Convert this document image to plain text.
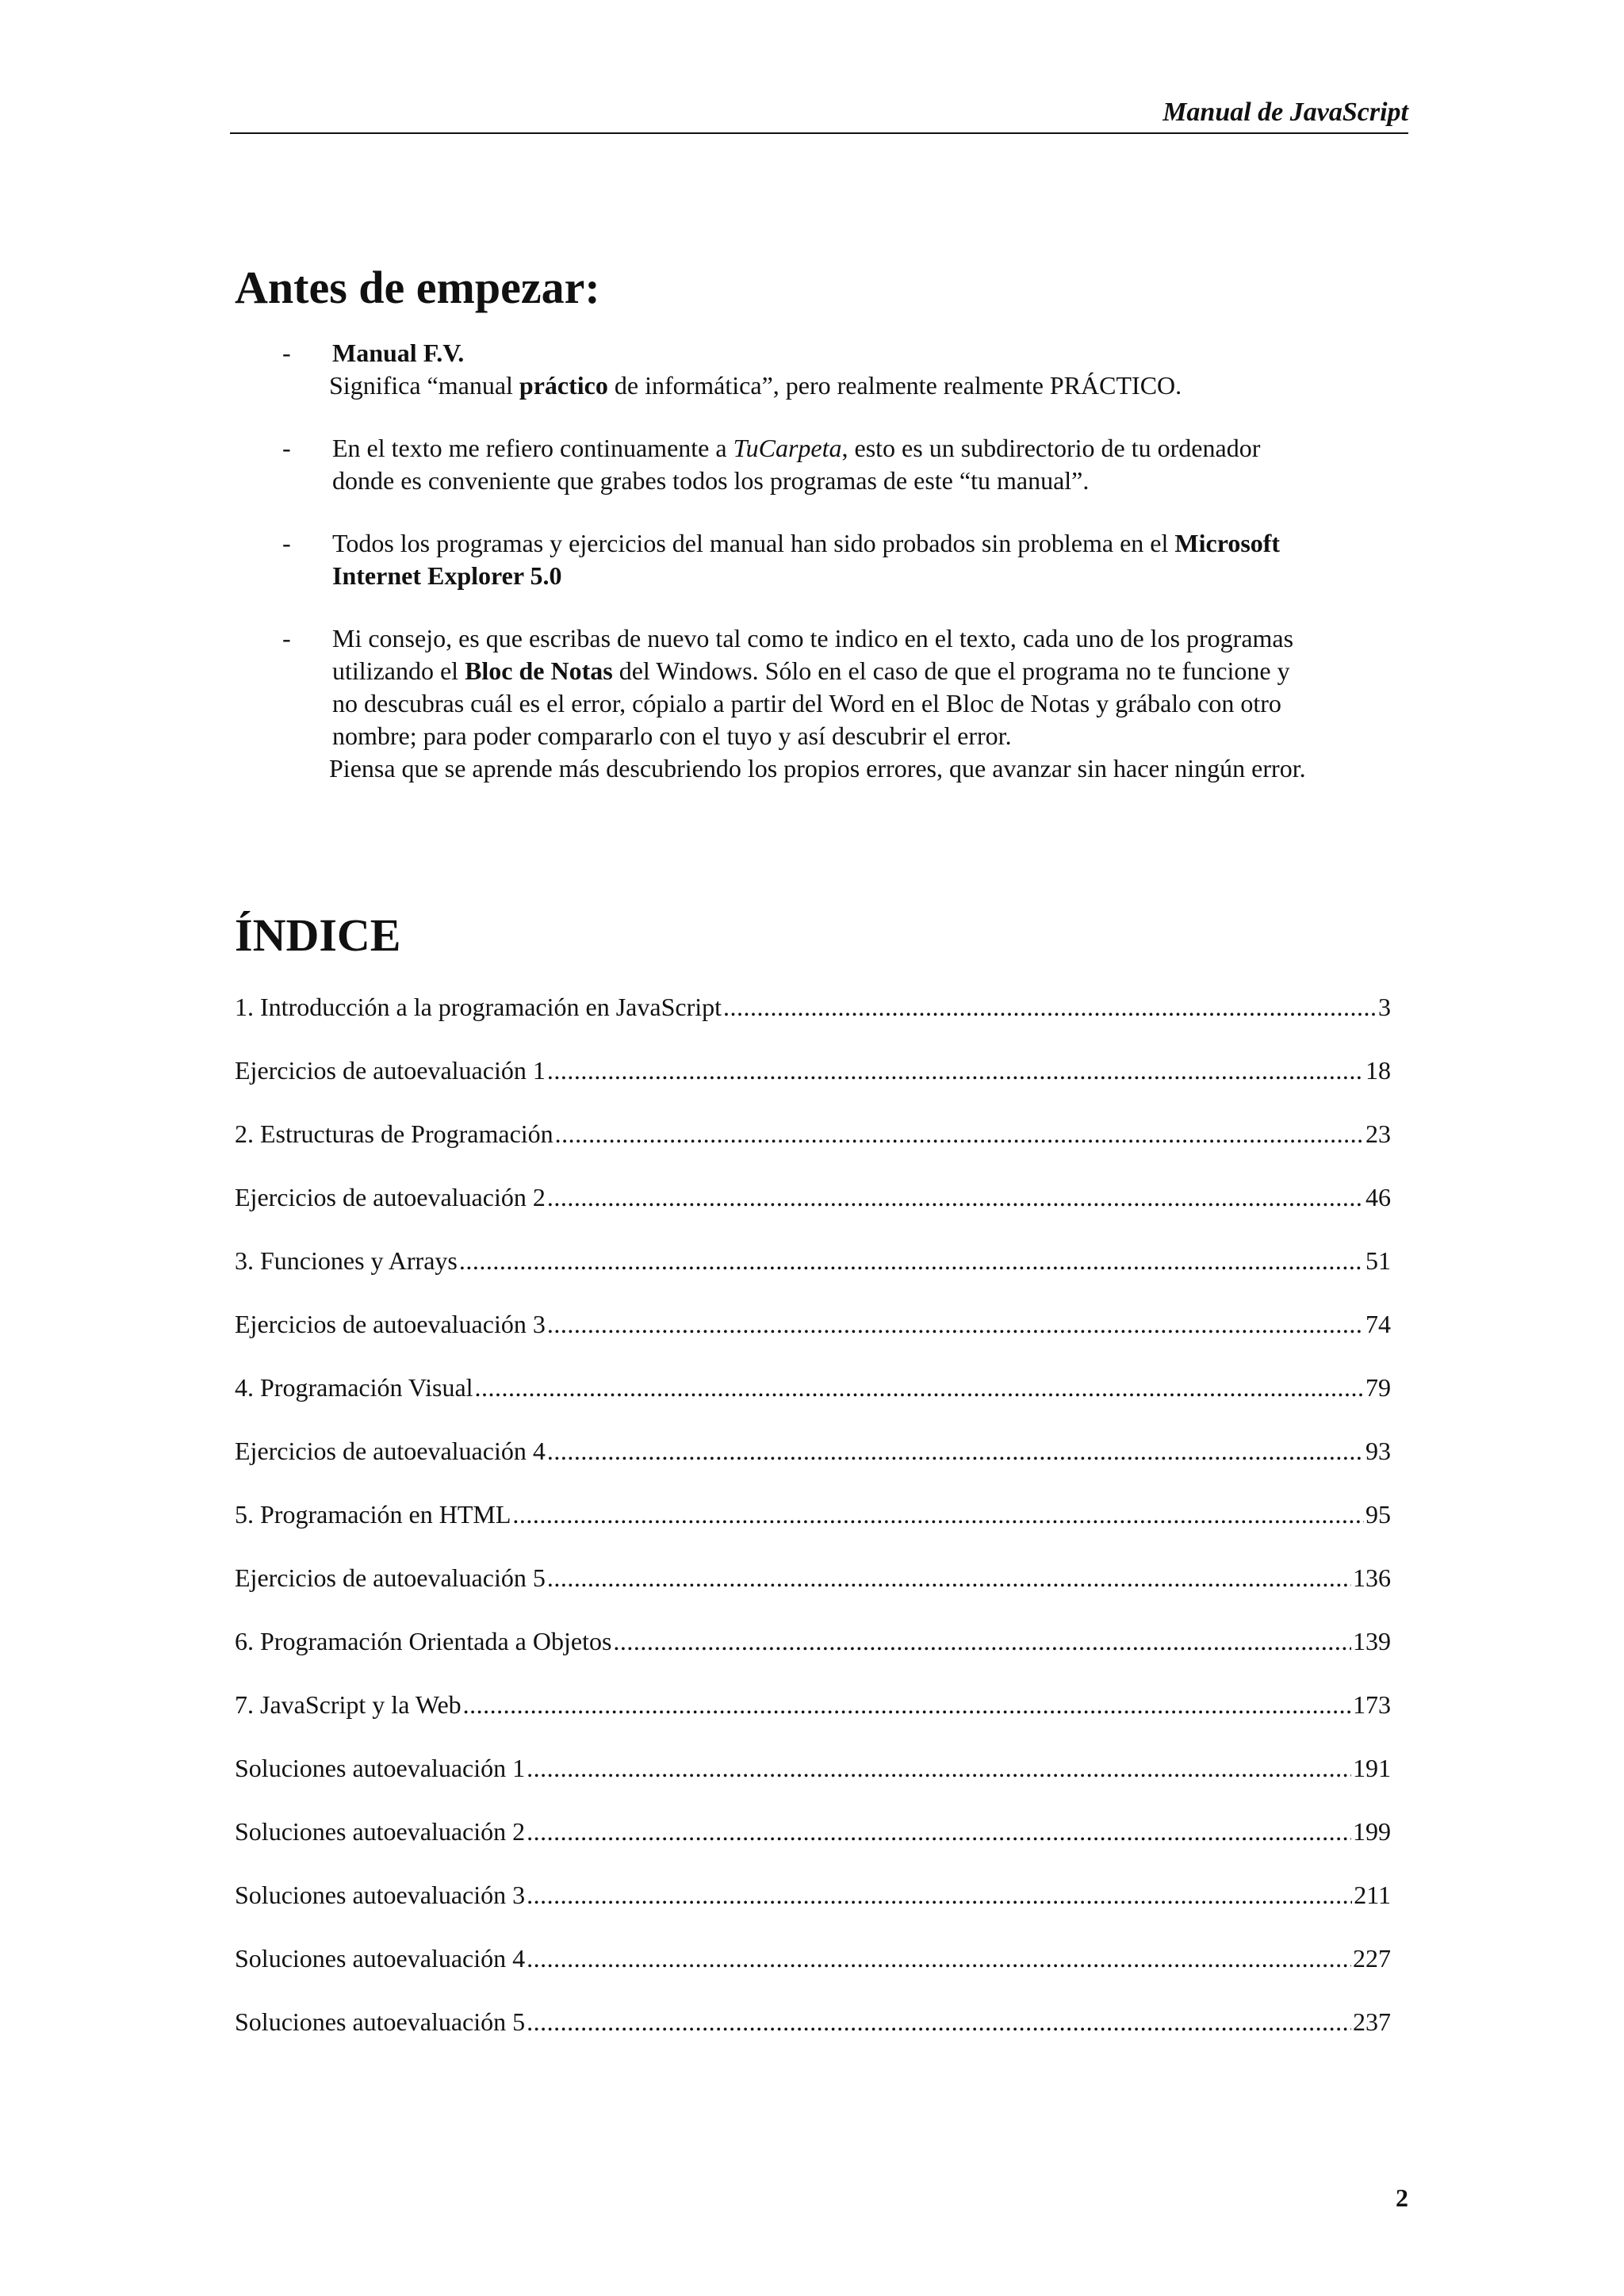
Manual de JavaScript
Antes de empezar:
- Manual F.V.

Significa “manual práctico de informática”, pero realmente realmente PRÁCTICO.

- En el texto me refiero continuamente a TuCarpeta, esto es un subdirectorio de tu ordenador

donde es conveniente que grabes todos los programas de este “tu manual”.

- Todos los programas y ejercicios del manual han sido probados sin problema en el Microsoft

Internet Explorer 5.0

- Mi consejo, es que escribas de nuevo tal como te indico en el texto, cada uno de los programas

utilizando el Bloc de Notas del Windows. Sólo en el caso de que el programa no te funcione y

no descubras cuál es el error, cópialo a partir del Word en el Bloc de Notas y grábalo con otro

nombre; para poder compararlo con el tuyo y así descubrir el error.

Piensa que se aprende más descubriendo los propios errores, que avanzar sin hacer ningún error.

ÍNDICE
1. Introducción a la programación en JavaScript .....	3
Ejercicios de autoevaluación 1 .....	18
2. Estructuras de Programación .....	23
Ejercicios de autoevaluación 2 .....	46
3. Funciones y Arrays .....	51
Ejercicios de autoevaluación 3 .....	74
4. Programación Visual .....	79
Ejercicios de autoevaluación 4 .....	93
5. Programación en HTML .....	95
Ejercicios de autoevaluación 5 .....	136
6. Programación Orientada a Objetos .....	139
7. JavaScript y la Web .....	173
Soluciones autoevaluación 1 .....	191
Soluciones autoevaluación 2 .....	199
Soluciones autoevaluación 3 .....	211
Soluciones autoevaluación 4 .....	227
Soluciones autoevaluación 5 .....	237
2
